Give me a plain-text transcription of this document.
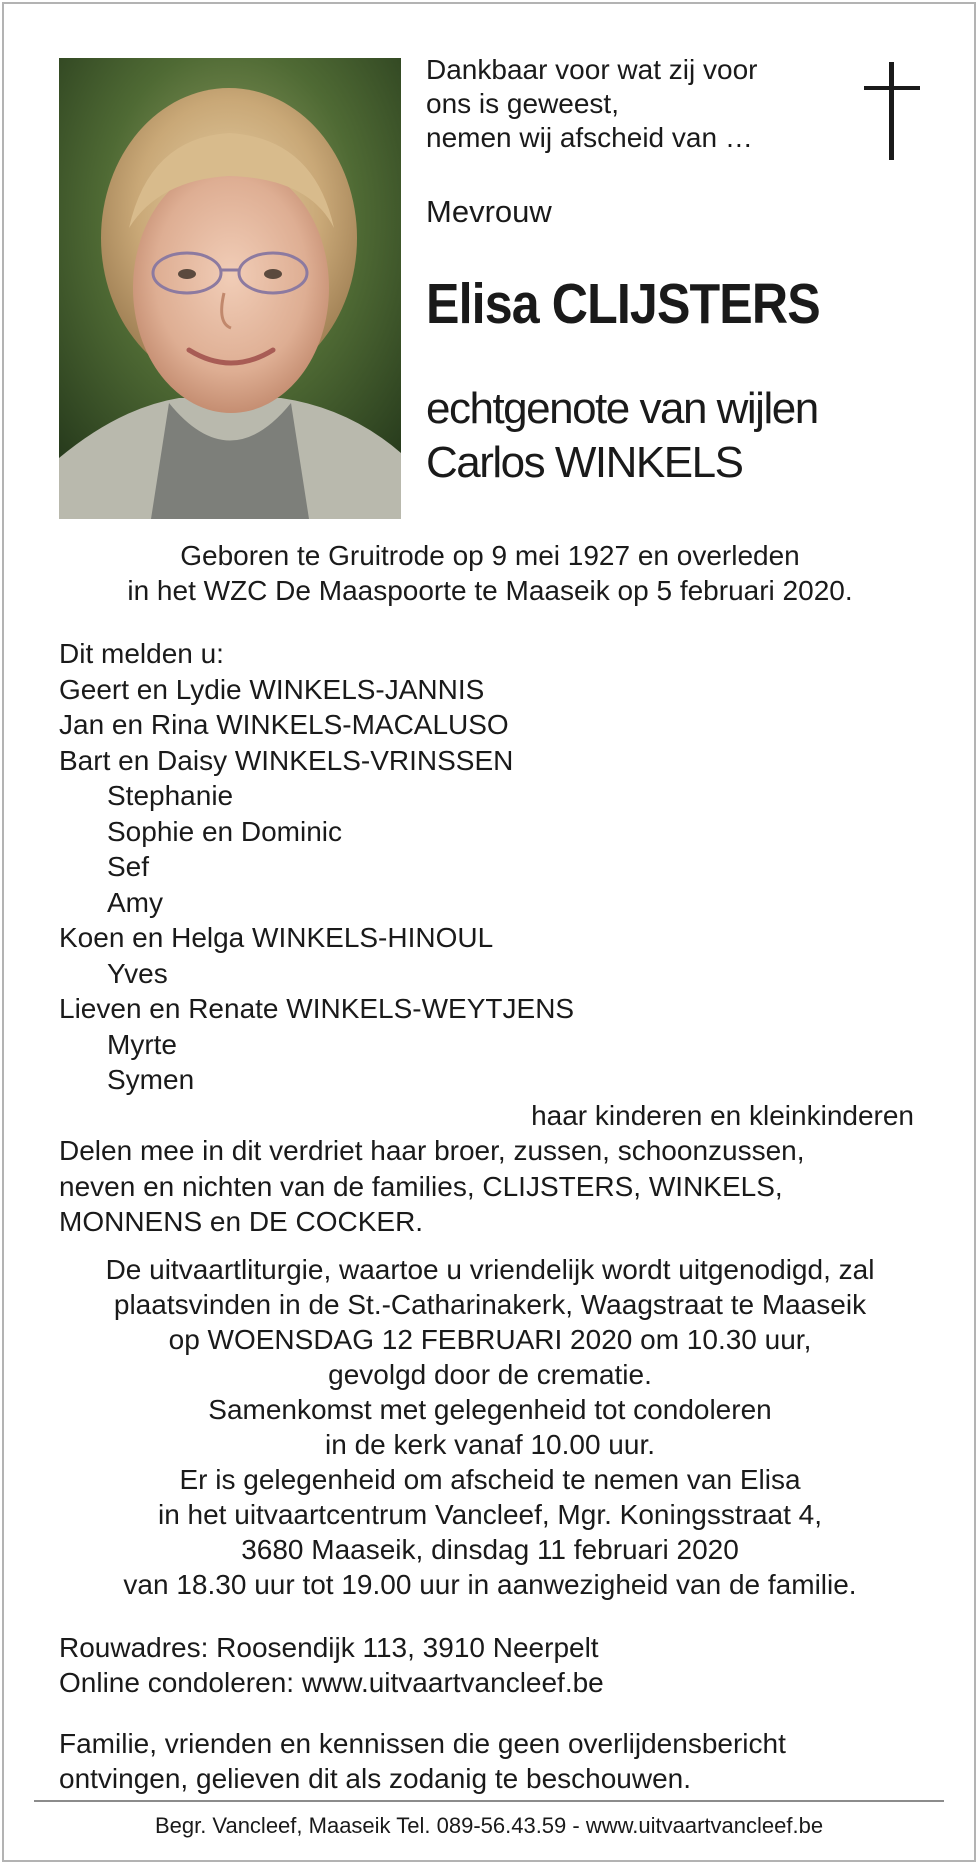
Dankbaar voor wat zij voor
ons is geweest,
nemen wij afscheid van …
Mevrouw
Elisa CLIJSTERS
echtgenote van wijlen
Carlos WINKELS
Geboren te Gruitrode op 9 mei 1927 en overleden
in het WZC De Maaspoorte te Maaseik op 5 februari 2020.
Dit melden u:
Geert en Lydie WINKELS-JANNIS
Jan en Rina WINKELS-MACALUSO
Bart en Daisy WINKELS-VRINSSEN
Stephanie
Sophie en Dominic
Sef
Amy
Koen en Helga WINKELS-HINOUL
Yves
Lieven en Renate WINKELS-WEYTJENS
Myrte
Symen
haar kinderen en kleinkinderen
Delen mee in dit verdriet haar broer, zussen, schoonzussen,
neven en nichten van de families, CLIJSTERS, WINKELS,
MONNENS en DE COCKER.
De uitvaartliturgie, waartoe u vriendelijk wordt uitgenodigd, zal
plaatsvinden in de St.-Catharinakerk, Waagstraat te Maaseik
op WOENSDAG 12 FEBRUARI 2020 om 10.30 uur,
gevolgd door de crematie.
Samenkomst met gelegenheid tot condoleren
in de kerk vanaf 10.00 uur.
Er is gelegenheid om afscheid te nemen van Elisa
in het uitvaartcentrum Vancleef, Mgr. Koningsstraat 4,
3680 Maaseik, dinsdag 11 februari 2020
van 18.30 uur tot 19.00 uur in aanwezigheid van de familie.
Rouwadres: Roosendijk 113, 3910 Neerpelt
Online condoleren: www.uitvaartvancleef.be
Familie, vrienden en kennissen die geen overlijdensbericht
ontvingen, gelieven dit als zodanig te beschouwen.
Begr. Vancleef, Maaseik Tel. 089-56.43.59 - www.uitvaartvancleef.be
